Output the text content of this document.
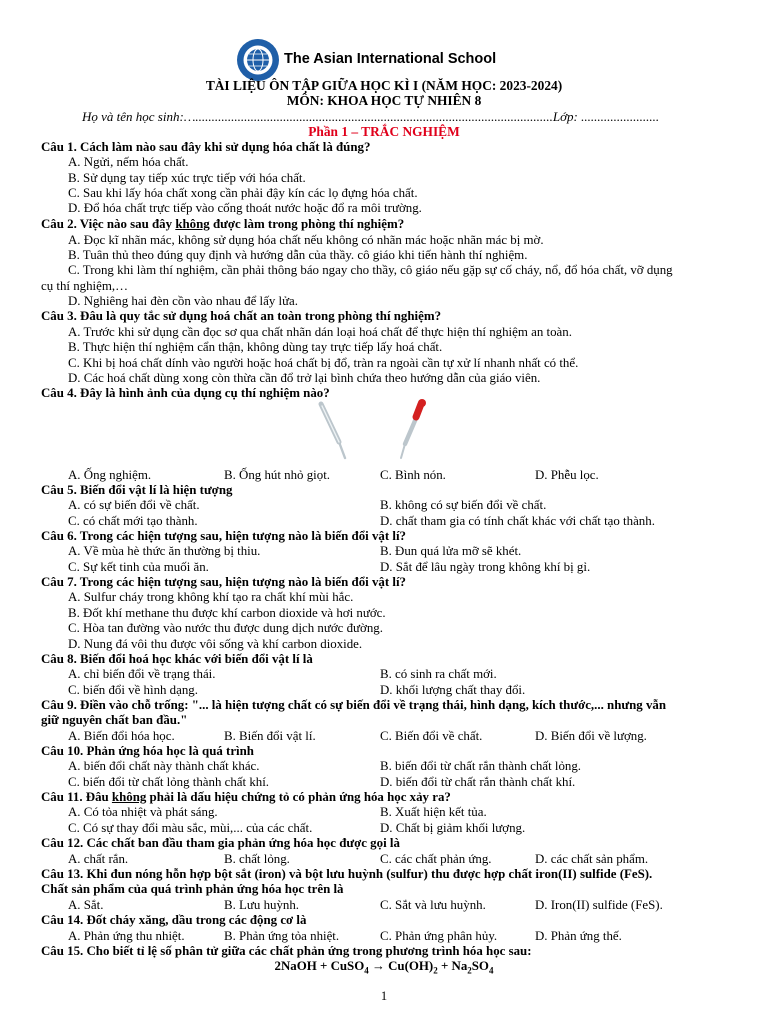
The Asian International School
TÀI LIỆU ÔN TẬP GIỮA HỌC KÌ I (NĂM HỌC: 2023-2024)
MÔN: KHOA HỌC TỰ NHIÊN 8
Họ và tên học sinh:…..............................................................................................................Lớp: ........................
Phần 1 – TRẮC NGHIỆM
Câu 1. Cách làm nào sau đây khi sử dụng hóa chất là đúng?
A. Ngửi, nếm hóa chất.
B. Sử dụng tay tiếp xúc trực tiếp với hóa chất.
C. Sau khi lấy hóa chất xong cần phải đậy kín các lọ đựng hóa chất.
D. Đổ hóa chất trực tiếp vào cống thoát nước hoặc đổ ra môi trường.
Câu 2. Việc nào sau đây không được làm trong phòng thí nghiệm?
A. Đọc kĩ nhãn mác, không sử dụng hóa chất nếu không có nhãn mác hoặc nhãn mác bị mờ.
B. Tuân thủ theo đúng quy định và hướng dẫn của thầy. cô giáo khi tiến hành thí nghiệm.
C. Trong khi làm thí nghiệm, cần phải thông báo ngay cho thầy, cô giáo nếu gặp sự cố cháy, nổ, đổ hóa chất, vỡ dụng
cụ thí nghiệm,…
D. Nghiêng hai đèn cồn vào nhau để lấy lửa.
Câu 3. Đâu là quy tắc sử dụng hoá chất an toàn trong phòng thí nghiệm?
A. Trước khi sử dụng cần đọc sơ qua chất nhãn dán loại hoá chất để thực hiện thí nghiệm an toàn.
B. Thực hiện thí nghiệm cẩn thận, không dùng tay trực tiếp lấy hoá chất.
C. Khi bị hoá chất dính vào người hoặc hoá chất bị đổ, tràn ra ngoài cần tự xử lí nhanh nhất có thể.
D. Các hoá chất dùng xong còn thừa cần đổ trở lại bình chứa theo hướng dẫn của giáo viên.
Câu 4. Đây là hình ảnh của dụng cụ thí nghiệm nào?
A. Ống nghiệm.	B. Ống hút nhỏ giọt.	C. Bình nón.	D. Phễu lọc.
Câu 5. Biến đổi vật lí là hiện tượng
A. có sự biến đổi về chất.	B. không có sự biến đổi về chất.
C. có chất mới tạo thành.	D. chất tham gia có tính chất khác với chất tạo thành.
Câu 6. Trong các hiện tượng sau, hiện tượng nào là biến đổi vật lí?
A. Về mùa hè thức ăn thường bị thiu.	B. Đun quá lửa mỡ sẽ khét.
C. Sự kết tinh của muối ăn.	D. Sắt để lâu ngày trong không khí bị gỉ.
Câu 7. Trong các hiện tượng sau, hiện tượng nào là biến đổi vật lí?
A. Sulfur cháy trong không khí tạo ra chất khí mùi hắc.
B. Đốt khí methane thu được khí carbon dioxide và hơi nước.
C. Hòa tan đường vào nước thu được dung dịch nước đường.
D. Nung đá vôi thu được vôi sống và khí carbon dioxide.
Câu 8. Biến đổi hoá học khác với biến đổi vật lí là
A. chỉ biến đổi về trạng thái.	B. có sinh ra chất mới.
C. biến đổi về hình dạng.	D. khối lượng chất thay đổi.
Câu 9. Điền vào chỗ trống: "... là hiện tượng chất có sự biến đổi về trạng thái, hình dạng, kích thước,... nhưng vẫn
giữ nguyên chất ban đầu."
A. Biến đổi hóa học.	B. Biến đổi vật lí.	C. Biến đổi về chất.	D. Biến đổi về lượng.
Câu 10. Phản ứng hóa học là quá trình
A. biến đổi chất này thành chất khác.	B. biến đổi từ chất rắn thành chất lỏng.
C. biến đổi từ chất lỏng thành chất khí.	D. biến đổi từ chất rắn thành chất khí.
Câu 11. Đâu không phải là dấu hiệu chứng tỏ có phản ứng hóa học xảy ra?
A. Có tỏa nhiệt và phát sáng.	B. Xuất hiện kết tủa.
C. Có sự thay đổi màu sắc, mùi,... của các chất.	D. Chất bị giảm khối lượng.
Câu 12. Các chất ban đầu tham gia phản ứng hóa học được gọi là
A. chất rắn.	B. chất lỏng.	C. các chất phản ứng.	D. các chất sản phẩm.
Câu 13. Khi đun nóng hỗn hợp bột sắt (iron) và bột lưu huỳnh (sulfur) thu được hợp chất iron(II) sulfide (FeS).
Chất sản phẩm của quá trình phản ứng hóa học trên là
A. Sắt.	B. Lưu huỳnh.	C. Sắt và lưu huỳnh.	D. Iron(II) sulfide (FeS).
Câu 14. Đốt cháy xăng, dầu trong các động cơ là
A. Phản ứng thu nhiệt.	B. Phản ứng tỏa nhiệt.	C. Phản ứng phân hủy.	D. Phản ứng thế.
Câu 15. Cho biết tỉ lệ số phân tử giữa các chất phản ứng trong phương trình hóa học sau:
2NaOH + CuSO$_4$ → $Cu(OH)_2 + Na_2SO_4$
1
